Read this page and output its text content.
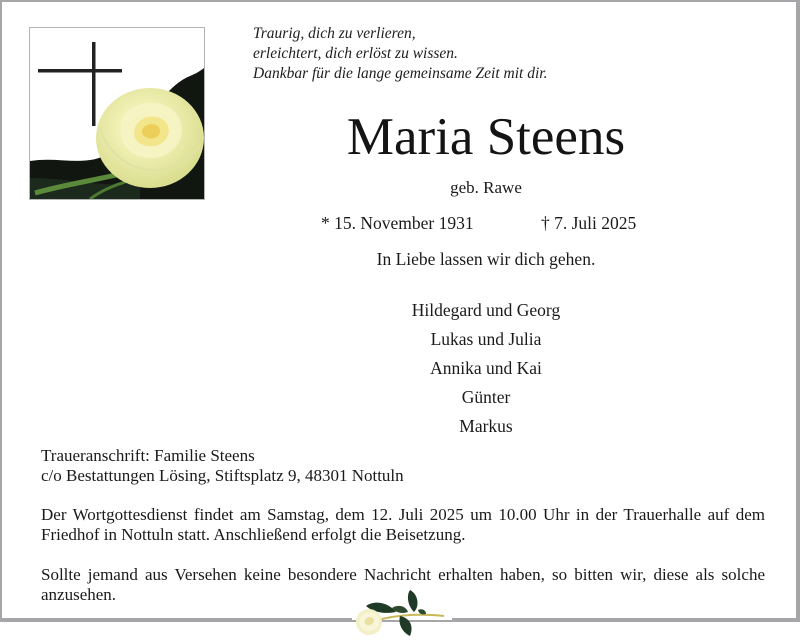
Traurig, dich zu verlieren,
erleichtert, dich erlöst zu wissen.
Dankbar für die lange gemeinsame Zeit mit dir.
Maria Steens
geb. Rawe
* 15. November 1931	† 7. Juli 2025
In Liebe lassen wir dich gehen.
Hildegard und Georg
Lukas und Julia
Annika und Kai
Günter
Markus
Traueranschrift: Familie Steens
c/o Bestattungen Lösing, Stiftsplatz 9, 48301 Nottuln
Der Wortgottesdienst findet am Samstag, dem 12. Juli 2025 um 10.00 Uhr in der Trauerhalle auf dem Friedhof in Nottuln statt. Anschließend erfolgt die Beisetzung.
Sollte jemand aus Versehen keine besondere Nachricht erhalten haben, so bitten wir, diese als solche anzusehen.
